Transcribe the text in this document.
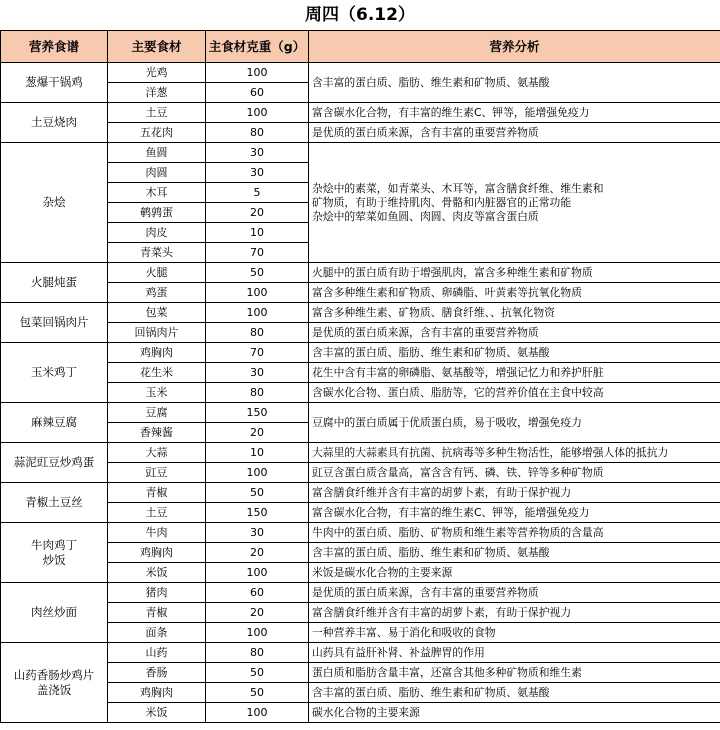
周四（6.12）
营养食谱	主要食材	主食材克重（g）	营养分析
葱爆干锅鸡	光鸡	100	含丰富的蛋白质、脂肪、维生素和矿物质、氨基酸

	洋葱	60	
土豆烧肉	土豆	100	富含碳水化合物，有丰富的维生素C、钾等，能增强免疫力

	五花肉	80	是优质的蛋白质来源，含有丰富的重要营养物质

杂烩	鱼圆	30	杂烩中的素菜，如青菜头、木耳等，富含膳食纤维、维生素和
矿物质，有助于维持肌肉、骨骼和内脏器官的正常功能
杂烩中的荤菜如鱼圆、肉圆、肉皮等富含蛋白质

	肉圆	30	
	木耳	5	
	鹌鹑蛋	20	
	肉皮	10	
	青菜头	70	
火腿炖蛋	火腿	50	火腿中的蛋白质有助于增强肌肉，富含多种维生素和矿物质

	鸡蛋	100	富含多种维生素和矿物质、卵磷脂、叶黄素等抗氧化物质

包菜回锅肉片	包菜	100	富含多种维生素、矿物质、膳食纤维、、抗氧化物资

	回锅肉片	80	是优质的蛋白质来源，含有丰富的重要营养物质

玉米鸡丁	鸡胸肉	70	含丰富的蛋白质、脂肪、维生素和矿物质、氨基酸

	花生米	30	花生中含有丰富的卵磷脂、氨基酸等，增强记忆力和养护肝脏

	玉米	80	含碳水化合物、蛋白质、脂肪等，它的营养价值在主食中较高

麻辣豆腐	豆腐	150	豆腐中的蛋白质属于优质蛋白质，易于吸收，增强免疫力

	香辣酱	20	
蒜泥豇豆炒鸡蛋	大蒜	10	大蒜里的大蒜素具有抗菌、抗病毒等多种生物活性，能够增强人体的抵抗力

	豇豆	100	豇豆含蛋白质含量高，富含含有钙、磷、铁、锌等多种矿物质

青椒土豆丝	青椒	50	富含膳食纤维并含有丰富的胡萝卜素，有助于保护视力

	土豆	150	富含碳水化合物，有丰富的维生素C、钾等，能增强免疫力

牛肉鸡丁
炒饭	牛肉	30	牛肉中的蛋白质、脂肪、矿物质和维生素等营养物质的含量高

	鸡胸肉	20	含丰富的蛋白质、脂肪、维生素和矿物质、氨基酸

	米饭	100	米饭是碳水化合物的主要来源

肉丝炒面	猪肉	60	是优质的蛋白质来源，含有丰富的重要营养物质

	青椒	20	富含膳食纤维并含有丰富的胡萝卜素，有助于保护视力

	面条	100	一种营养丰富、易于消化和吸收的食物

山药香肠炒鸡片
盖浇饭	山药	80	山药具有益肝补肾、补益脾胃的作用

	香肠	50	蛋白质和脂肪含量丰富，还富含其他多种矿物质和维生素

	鸡胸肉	50	含丰富的蛋白质、脂肪、维生素和矿物质、氨基酸

	米饭	100	碳水化合物的主要来源
